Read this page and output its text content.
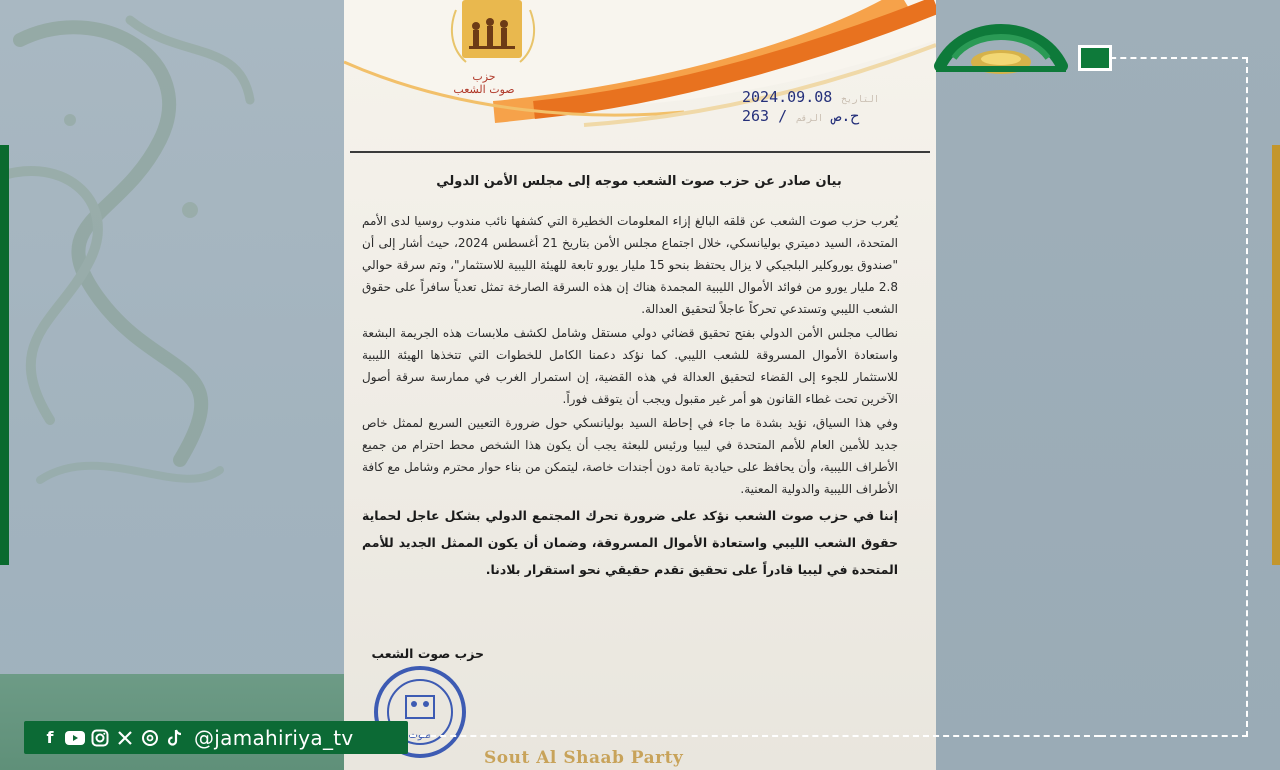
حزب
صوت الشعب	2024.09.08 التاريخ
263 / ح.ص الرقم
بيان صادر عن حزب صوت الشعب موجه إلى مجلس الأمن الدولي

يُعرب حزب صوت الشعب عن قلقه البالغ إزاء المعلومات الخطيرة التي كشفها نائب مندوب روسيا لدى الأمم المتحدة، السيد دميتري بوليانسكي، خلال اجتماع مجلس الأمن بتاريخ 21 أغسطس 2024، حيث أشار إلى أن "صندوق يوروكلير البلجيكي لا يزال يحتفظ بنحو 15 مليار يورو تابعة للهيئة الليبية للاستثمار"، وتم سرقة حوالي 2.8 مليار يورو من فوائد الأموال الليبية المجمدة هناك إن هذه السرقة الصارخة تمثل تعدياً سافراً على حقوق الشعب الليبي وتستدعي تحركاً عاجلاً لتحقيق العدالة.

نطالب مجلس الأمن الدولي بفتح تحقيق قضائي دولي مستقل وشامل لكشف ملابسات هذه الجريمة البشعة واستعادة الأموال المسروقة للشعب الليبي. كما نؤكد دعمنا الكامل للخطوات التي تتخذها الهيئة الليبية للاستثمار للجوء إلى القضاء لتحقيق العدالة في هذه القضية، إن استمرار الغرب في ممارسة سرقة أصول الآخرين تحت غطاء القانون هو أمر غير مقبول ويجب أن يتوقف فوراً.

وفي هذا السياق، نؤيد بشدة ما جاء في إحاطة السيد بوليانسكي حول ضرورة التعيين السريع لممثل خاص جديد للأمين العام للأمم المتحدة في ليبيا ورئيس للبعثة يجب أن يكون هذا الشخص محط احترام من جميع الأطراف الليبية، وأن يحافظ على حيادية تامة دون أجندات خاصة، ليتمكن من بناء حوار محترم وشامل مع كافة الأطراف الليبية والدولية المعنية.

إننا في حزب صوت الشعب نؤكد على ضرورة تحرك المجتمع الدولي بشكل عاجل لحماية حقوق الشعب الليبي واستعادة الأموال المسروقة، وضمان أن يكون الممثل الجديد للأمم المتحدة في ليبيا قادراً على تحقيق تقدم حقيقي نحو استقرار بلادنا.

حزب صوت الشعب
صوت
Sout Al Shaab Party
f	@jamahiriya_tv
